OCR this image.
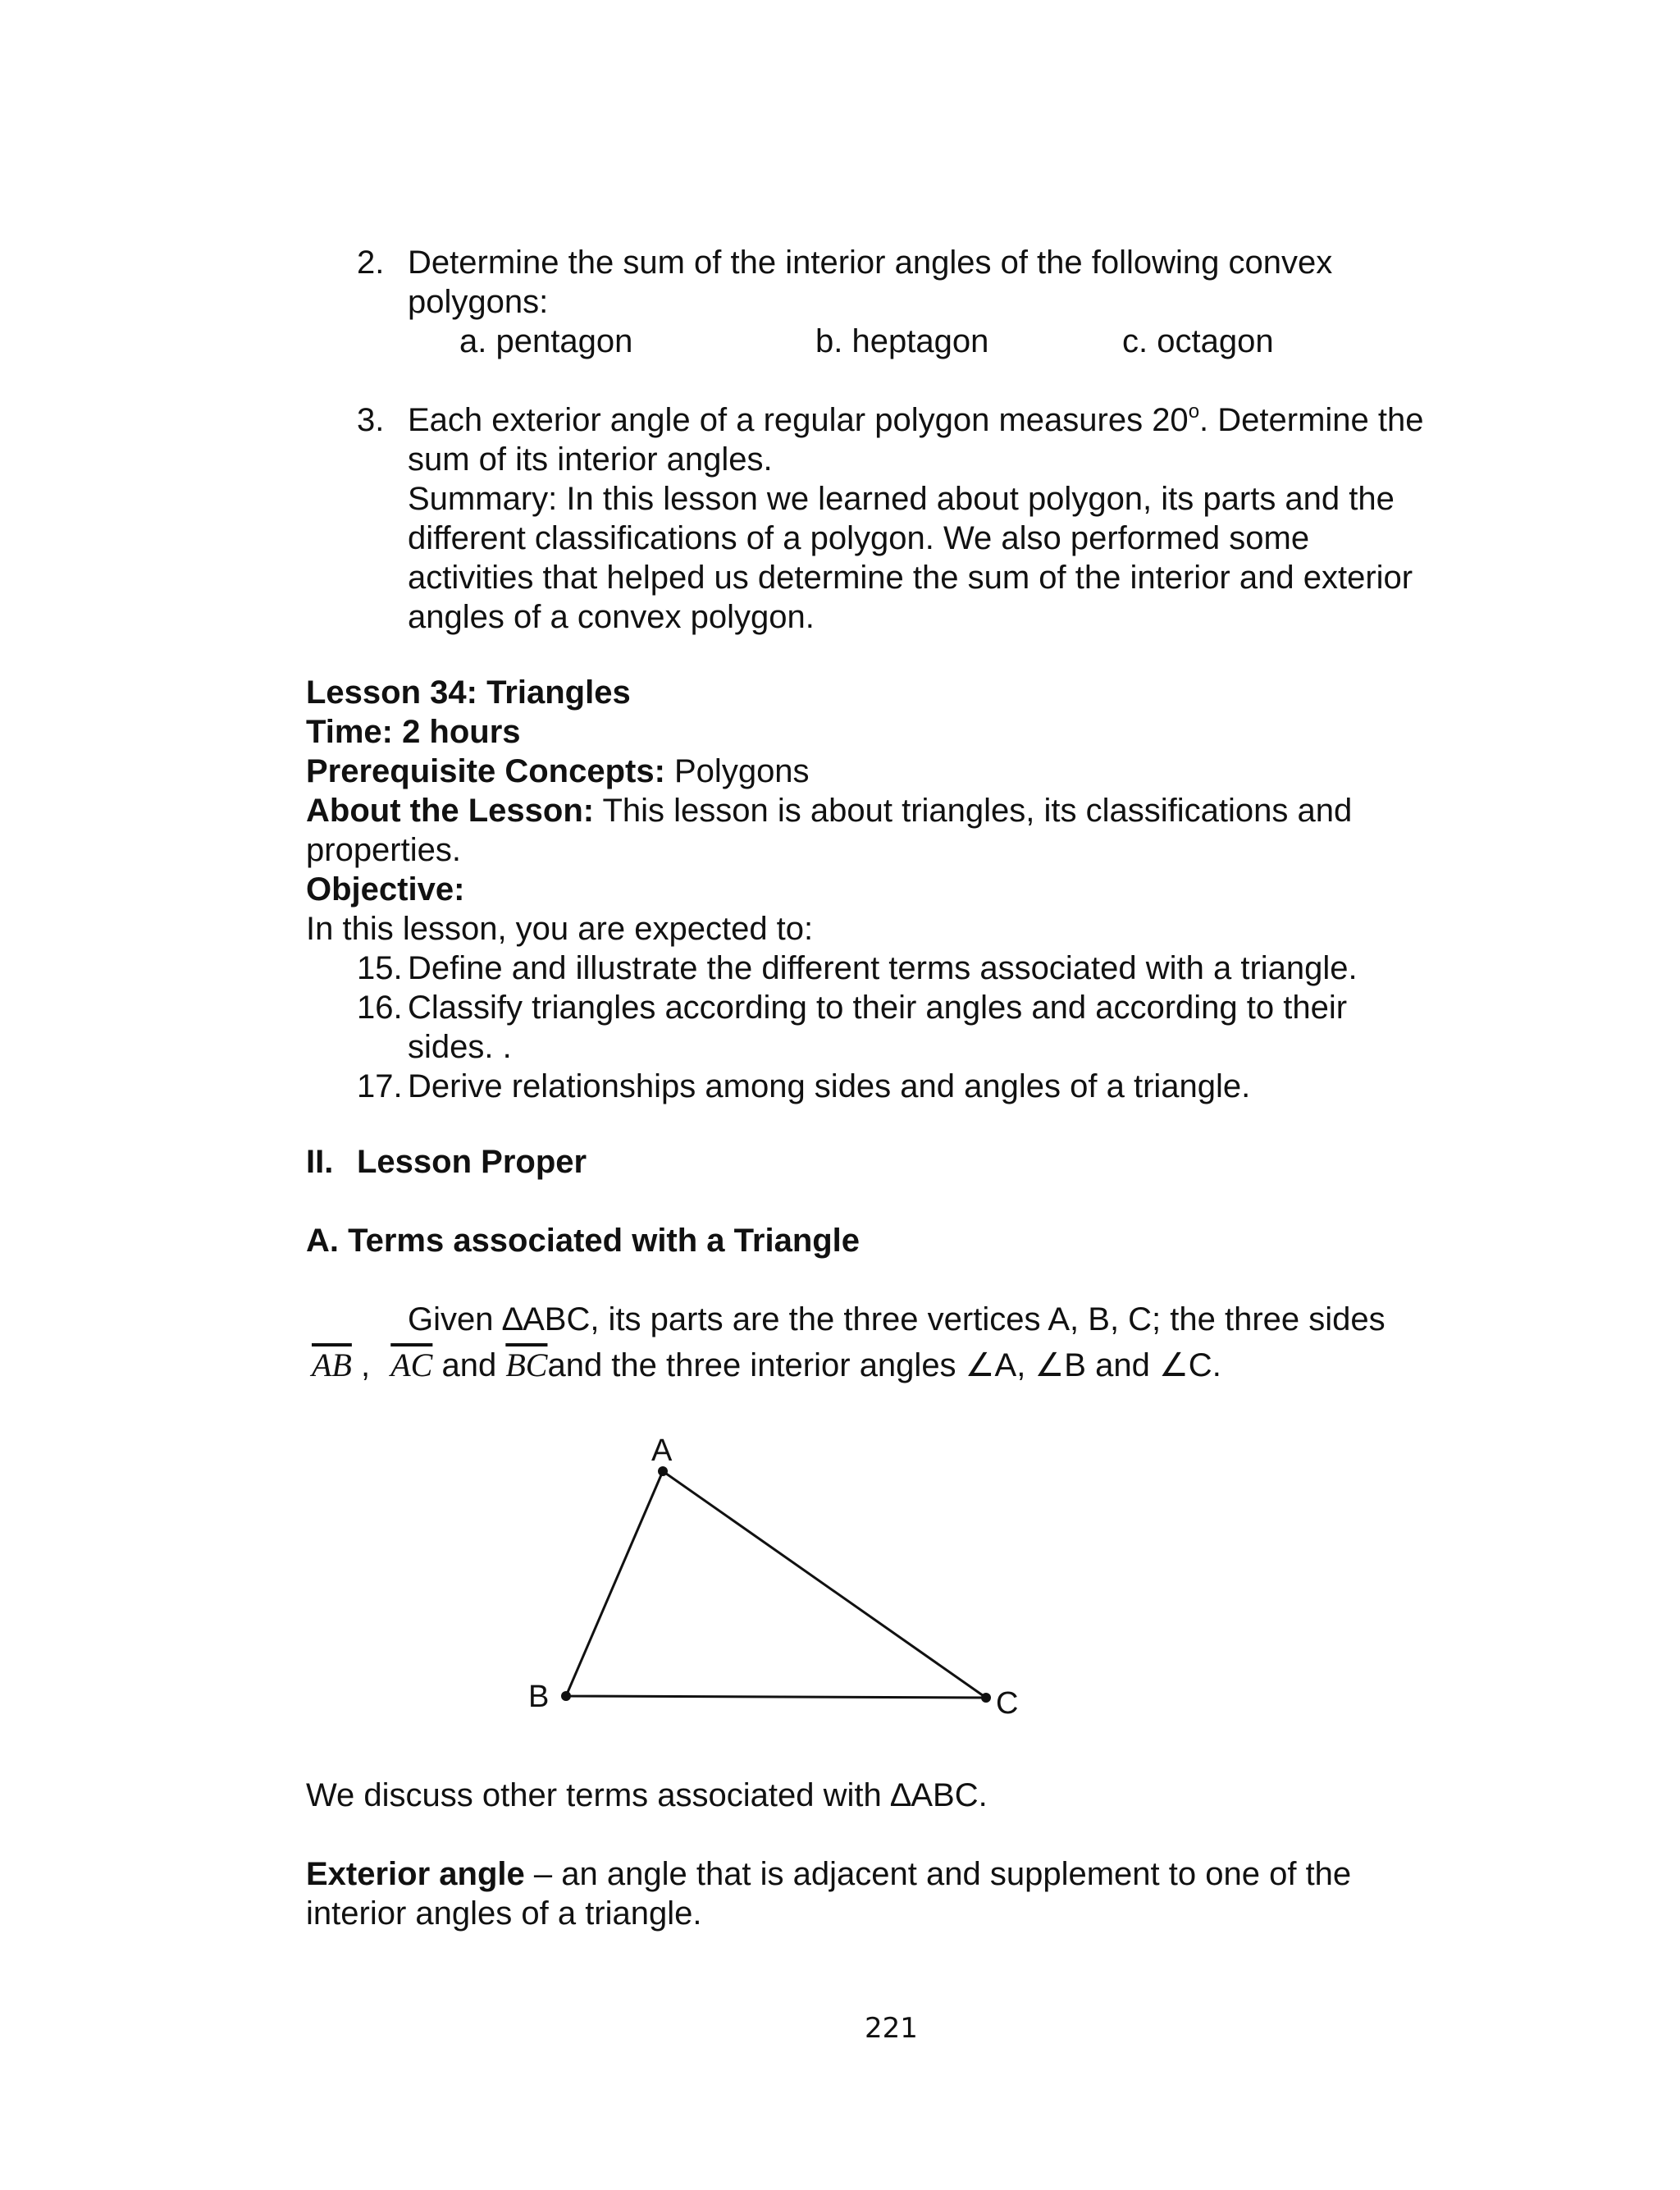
2. Determine the sum of the interior angles of the following convex
polygons:
a. pentagon	b. heptagon	c. octagon
3. Each exterior angle of a regular polygon measures 20$^o$. Determine the
sum of its interior angles.
Summary: In this lesson we learned about polygon, its parts and the
different classifications of a polygon. We also performed some
activities that helped us determine the sum of the interior and exterior
angles of a convex polygon.
Lesson 34: Triangles
Time: 2 hours
Prerequisite Concepts: Polygons
About the Lesson: This lesson is about triangles, its classifications and
properties.
Objective:
In this lesson, you are expected to:
15. Define and illustrate the different terms associated with a triangle.
16. Classify triangles according to their angles and according to their
sides. .
17. Derive relationships among sides and angles of a triangle.
II. Lesson Proper
A. Terms associated with a Triangle
Given ∆ABC, its parts are the three vertices A, B, C; the three sides
$\overline{AB}$ , $\overline{AC}$ and $\overline{BC}and$ the three interior angles ∠A, ∠B and ∠C.
A
B	C
We discuss other terms associated with ∆ABC.
Exterior angle – an angle that is adjacent and supplement to one of the
interior angles of a triangle.
221
